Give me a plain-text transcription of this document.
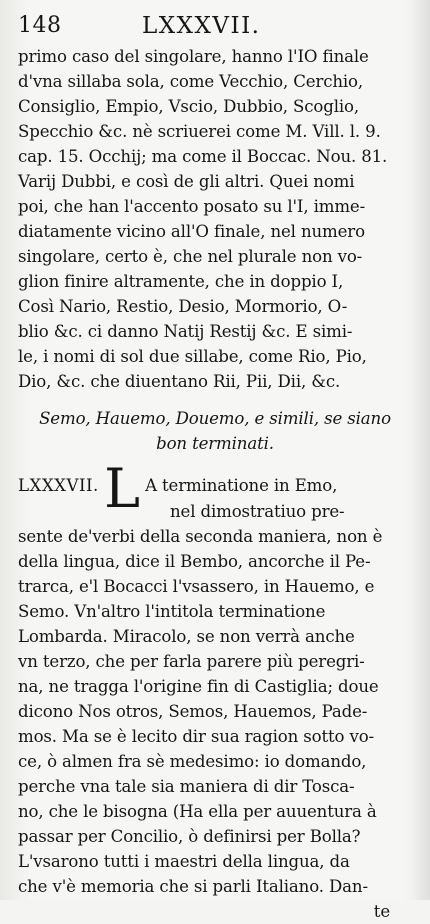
148	LXXXVII.
primo caso del singolare, hanno l'IO finale
d'vna sillaba sola, come Vecchio, Cerchio,
Consiglio, Empio, Vscio, Dubbio, Scoglio,
Specchio &c. nè scriuerei come M. Vill. l. 9.
cap. 15. Occhij; ma come il Boccac. Nou. 81.
Varij Dubbi, e così de gli altri. Quei nomi
poi, che han l'accento posato su l'I, imme-
diatamente vicino all'O finale, nel numero
singolare, certo è, che nel plurale non vo-
glion finire altramente, che in doppio I,
Così Nario, Restio, Desio, Mormorio, O-
blio &c. ci danno Natij Restij &c. E simi-
le, i nomi di sol due sillabe, come Rio, Pio,
Dio, &c. che diuentano Rii, Pii, Dii, &c.
Semo, Hauemo, Douemo, e simili, se siano
bon terminati.
LXXXVII. L A terminatione in Emo,
nel dimostratiuo pre-
sente de'verbi della seconda maniera, non è
della lingua, dice il Bembo, ancorche il Pe-
trarca, e'l Bocacci l'vsassero, in Hauemo, e
Semo. Vn'altro l'intitola terminatione
Lombarda. Miracolo, se non verrà anche
vn terzo, che per farla parere più peregri-
na, ne tragga l'origine fin di Castiglia; doue
dicono Nos otros, Semos, Hauemos, Pade-
mos. Ma se è lecito dir sua ragion sotto vo-
ce, ò almen fra sè medesimo: io domando,
perche vna tale sia maniera di dir Tosca-
no, che le bisogna (Ha ella per auuentura à
passar per Concilio, ò definirsi per Bolla?
L'vsarono tutti i maestri della lingua, da
che v'è memoria che si parli Italiano. Dan-
te
